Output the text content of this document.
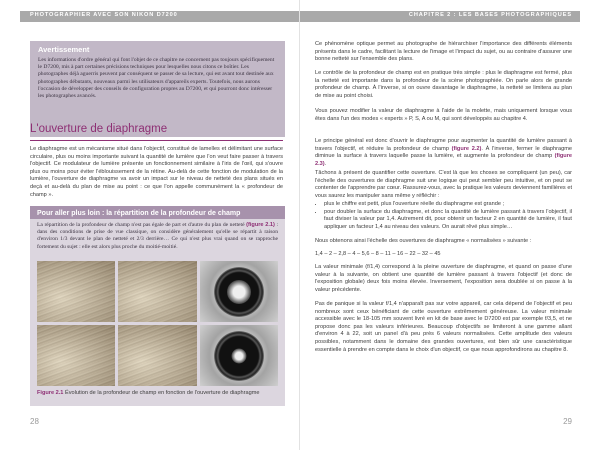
PHOTOGRAPHIER AVEC SON NIKON D7200
Avertissement

Les informations d'ordre général qui font l'objet de ce chapitre ne concernent pas toujours spécifiquement le D7200, mis à part certaines précisions techniques pour lesquelles nous citons ce boîtier. Les photographes déjà aguerris peuvent par conséquent se passer de sa lecture, qui est avant tout destinée aux photographes débutants, nouveaux parmi les utilisateurs d'appareils experts. Toutefois, nous aurons l'occasion de développer des conseils de configuration propres au D7200, et qui pourront donc intéresser les photographes avancés.

L'ouverture de diaphragme
Le diaphragme est un mécanisme situé dans l'objectif, constitué de lamelles et délimitant une surface circulaire, plus ou moins importante suivant la quantité de lumière que l'on veut faire passer à travers l'objectif. Ce modulateur de lumière présente un fonctionnement similaire à l'iris de l'œil, qui s'ouvre plus ou moins pour éviter l'éblouissement de la rétine. Au-delà de cette fonction de modulation de la lumière, l'ouverture de diaphragme va avoir un impact sur le niveau de netteté des plans situés en deçà et au-delà du plan de mise au point : ce que l'on appelle communément la « profondeur de champ ».
Pour aller plus loin : la répartition de la profondeur de champ

La répartition de la profondeur de champ n'est pas égale de part et d'autre du plan de netteté (figure 2.1) : dans des conditions de prise de vue classique, on considère généralement qu'elle se répartit à raison d'environ 1/3 devant le plan de netteté et 2/3 derrière… Ce qui n'est plus vrai quand on se rapproche fortement du sujet : elle est alors plus proche du moitié-moitié.

Figure 2.1 Évolution de la profondeur de champ en fonction de l'ouverture de diaphragme
28
CHAPITRE 2 : LES BASES PHOTOGRAPHIQUES
Ce phénomène optique permet au photographe de hiérarchiser l'importance des différents éléments présents dans le cadre, facilitant la lecture de l'image et l'impact du sujet, ou au contraire d'assurer une bonne netteté sur l'ensemble des plans.
Le contrôle de la profondeur de champ est en pratique très simple : plus le diaphragme est fermé, plus la netteté est importante dans la profondeur de la scène photographiée. On parle alors de grande profondeur de champ. À l'inverse, si on ouvre davantage le diaphragme, la netteté se limitera au plan de mise au point choisi.
Vous pouvez modifier la valeur de diaphragme à l'aide de la molette, mais uniquement lorsque vous êtes dans l'un des modes « experts » P, S, A ou M, qui sont développés au chapitre 4.
Le principe général est donc d'ouvrir le diaphragme pour augmenter la quantité de lumière passant à travers l'objectif, et réduire la profondeur de champ (figure 2.2). À l'inverse, fermer le diaphragme diminue la surface à travers laquelle passe la lumière, et augmente la profondeur de champ (figure 2.3).
Tâchons à présent de quantifier cette ouverture. C'est là que les choses se compliquent (un peu), car l'échelle des ouvertures de diaphragme suit une logique qui peut sembler peu intuitive, et on peut se contenter de l'apprendre par cœur. Rassurez-vous, avec la pratique les valeurs deviennent familières et vous saurez les manipuler sans même y réfléchir :
• plus le chiffre est petit, plus l'ouverture réelle du diaphragme est grande ;
• pour doubler la surface du diaphragme, et donc la quantité de lumière passant à travers l'objectif, il faut diviser la valeur par 1,4. Autrement dit, pour obtenir un facteur 2 en quantité de lumière, il faut appliquer un facteur 1,4 au niveau des valeurs. On aurait rêvé plus simple…
Nous obtenons ainsi l'échelle des ouvertures de diaphragme « normalisées » suivante :
1,4 – 2 – 2,8 – 4 – 5,6 – 8 – 11 – 16 – 22 – 32 – 45
La valeur minimale (f/1,4) correspond à la pleine ouverture de diaphragme, et quand on passe d'une valeur à la suivante, on obtient une quantité de lumière passant à travers l'objectif (et donc de l'exposition globale) deux fois moins élevée. Inversement, l'exposition sera doublée si on passe à la valeur précédente.
Pas de panique si la valeur f/1,4 n'apparaît pas sur votre appareil, car cela dépend de l'objectif et peu nombreux sont ceux bénéficiant de cette ouverture extrêmement généreuse. La valeur minimale accessible avec le 18-105 mm souvent livré en kit de base avec le D7200 est par exemple f/3,5, et ne propose donc pas les valeurs inférieures. Beaucoup d'objectifs se limiteront à une gamme allant d'environ 4 à 22, soit un panel d'à peu près 6 valeurs normalisées. Cette amplitude des valeurs possibles, notamment dans le domaine des grandes ouvertures, est bien sûr une caractéristique essentielle à prendre en compte dans le choix d'un objectif, ce que nous approfondirons au chapitre 8.
29
